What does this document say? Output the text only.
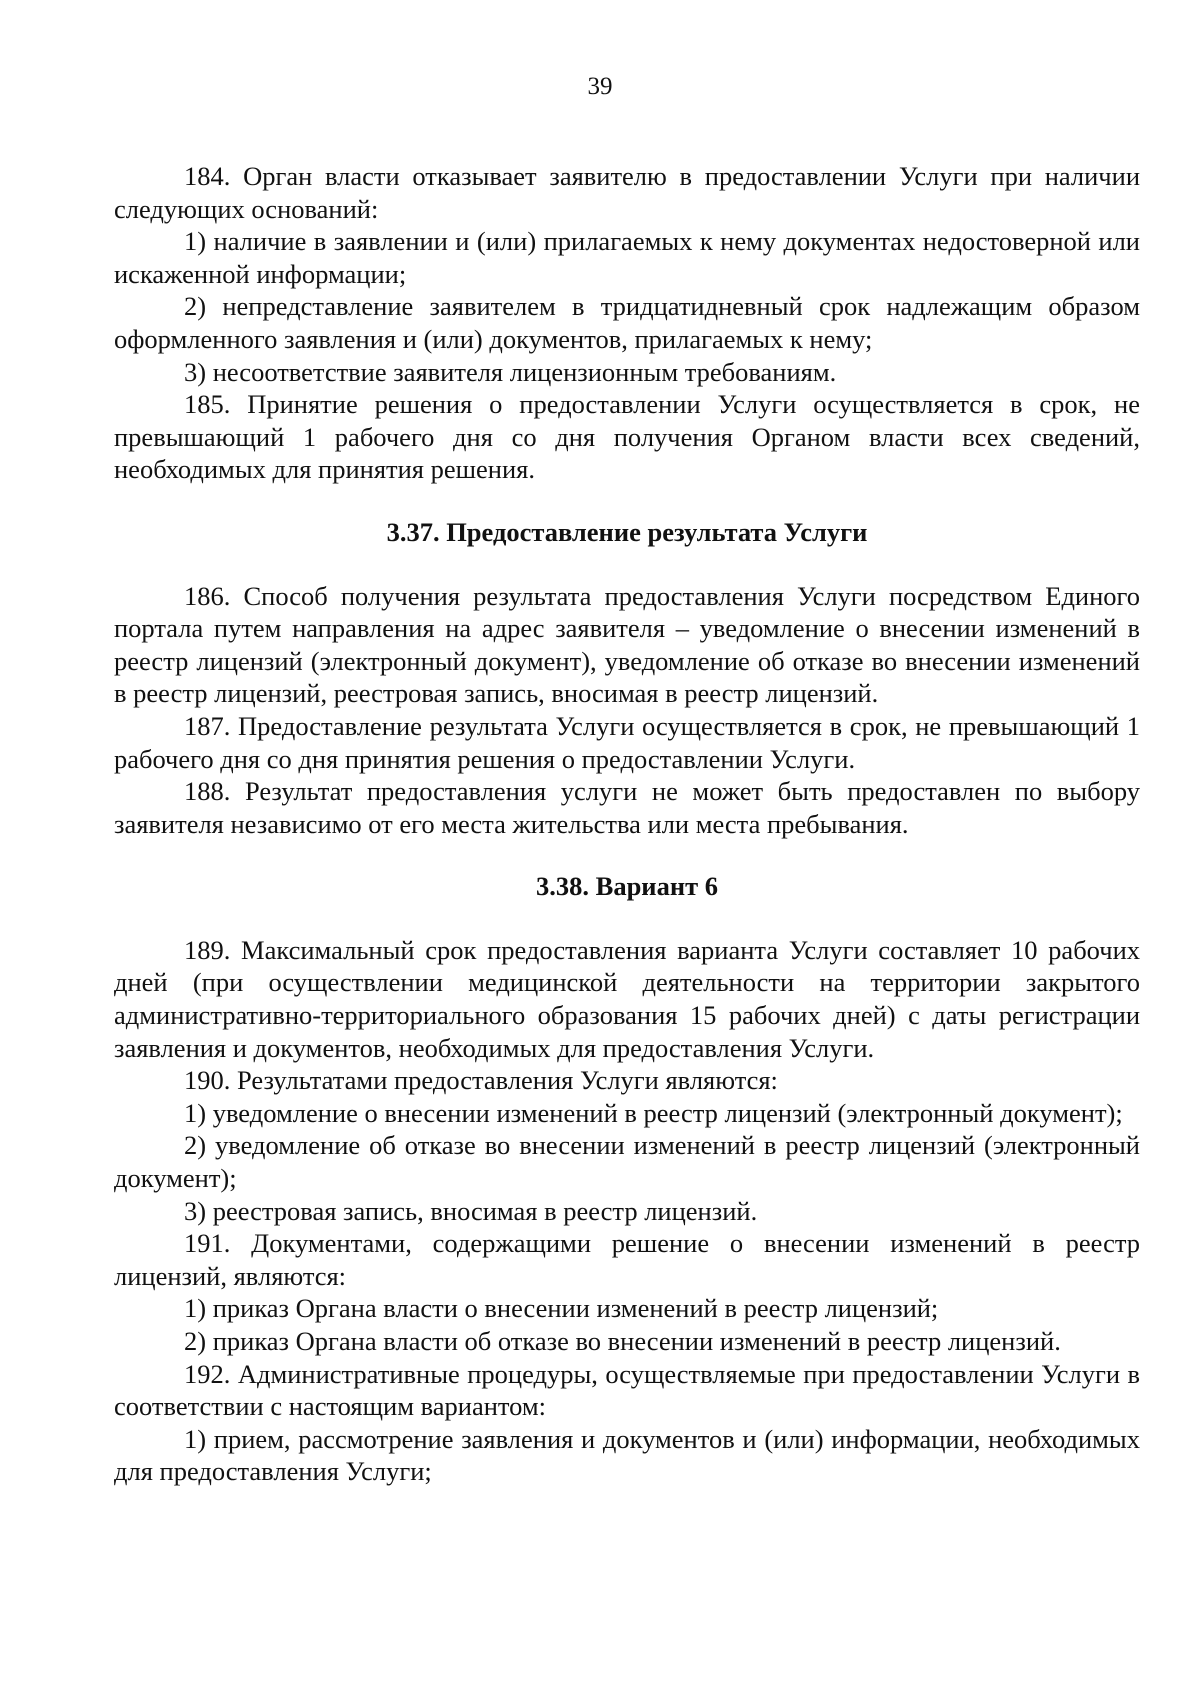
39

184. Орган власти отказывает заявителю в предоставлении Услуги при наличии следующих оснований:

1) наличие в заявлении и (или) прилагаемых к нему документах недостоверной или искаженной информации;

2) непредставление заявителем в тридцатидневный срок надлежащим образом оформленного заявления и (или) документов, прилагаемых к нему;

3) несоответствие заявителя лицензионным требованиям.

185. Принятие решения о предоставлении Услуги осуществляется в срок, не превышающий 1 рабочего дня со дня получения Органом власти всех сведений, необходимых для принятия решения.

3.37. Предоставление результата Услуги

186. Способ получения результата предоставления Услуги посредством Единого портала путем направления на адрес заявителя – уведомление о внесении изменений в реестр лицензий (электронный документ), уведомление об отказе во внесении изменений в реестр лицензий, реестровая запись, вносимая в реестр лицензий.

187. Предоставление результата Услуги осуществляется в срок, не превышающий 1 рабочего дня со дня принятия решения о предоставлении Услуги.

188. Результат предоставления услуги не может быть предоставлен по выбору заявителя независимо от его места жительства или места пребывания.

3.38. Вариант 6

189. Максимальный срок предоставления варианта Услуги составляет 10 рабочих дней (при осуществлении медицинской деятельности на территории закрытого административно-территориального образования 15 рабочих дней) с даты регистрации заявления и документов, необходимых для предоставления Услуги.

190. Результатами предоставления Услуги являются:

1) уведомление о внесении изменений в реестр лицензий (электронный документ);

2) уведомление об отказе во внесении изменений в реестр лицензий (электронный документ);

3) реестровая запись, вносимая в реестр лицензий.

191. Документами, содержащими решение о внесении изменений в реестр лицензий, являются:

1) приказ Органа власти о внесении изменений в реестр лицензий;

2) приказ Органа власти об отказе во внесении изменений в реестр лицензий.

192. Административные процедуры, осуществляемые при предоставлении Услуги в соответствии с настоящим вариантом:

1) прием, рассмотрение заявления и документов и (или) информации, необходимых для предоставления Услуги;
